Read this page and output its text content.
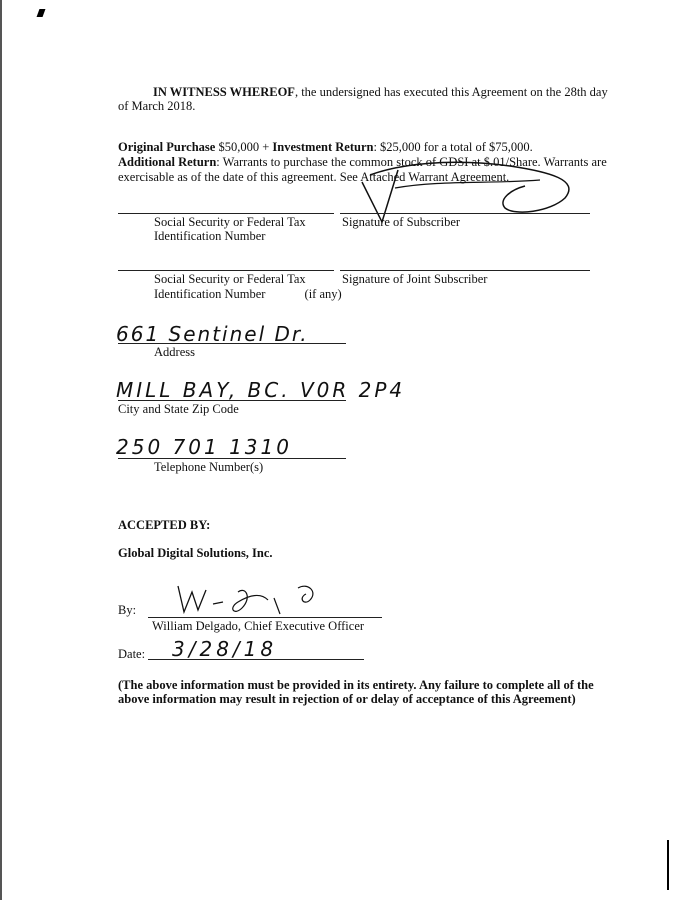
IN WITNESS WHEREOF, the undersigned has executed this Agreement on the 28th day
of March 2018.
Original Purchase $50,000 + Investment Return: $25,000 for a total of $75,000.
Additional Return: Warrants to purchase the common stock of GDSI at $.01/Share. Warrants are
exercisable as of the date of this agreement. See Attached Warrant Agreement.
Social Security or Federal Tax
Identification Number
Signature of Subscriber
Social Security or Federal Tax
Identification Number	(if any)
Signature of Joint Subscriber
661 Sentinel Dr.
Address
MILL BAY, BC. V0R 2P4
City and State Zip Code
250 701 1310
Telephone Number(s)
ACCEPTED BY:
Global Digital Solutions, Inc.
By:
William Delgado, Chief Executive Officer
Date: 3/28/18
(The above information must be provided in its entirety. Any failure to complete all of the
above information may result in rejection of or delay of acceptance of this Agreement)
